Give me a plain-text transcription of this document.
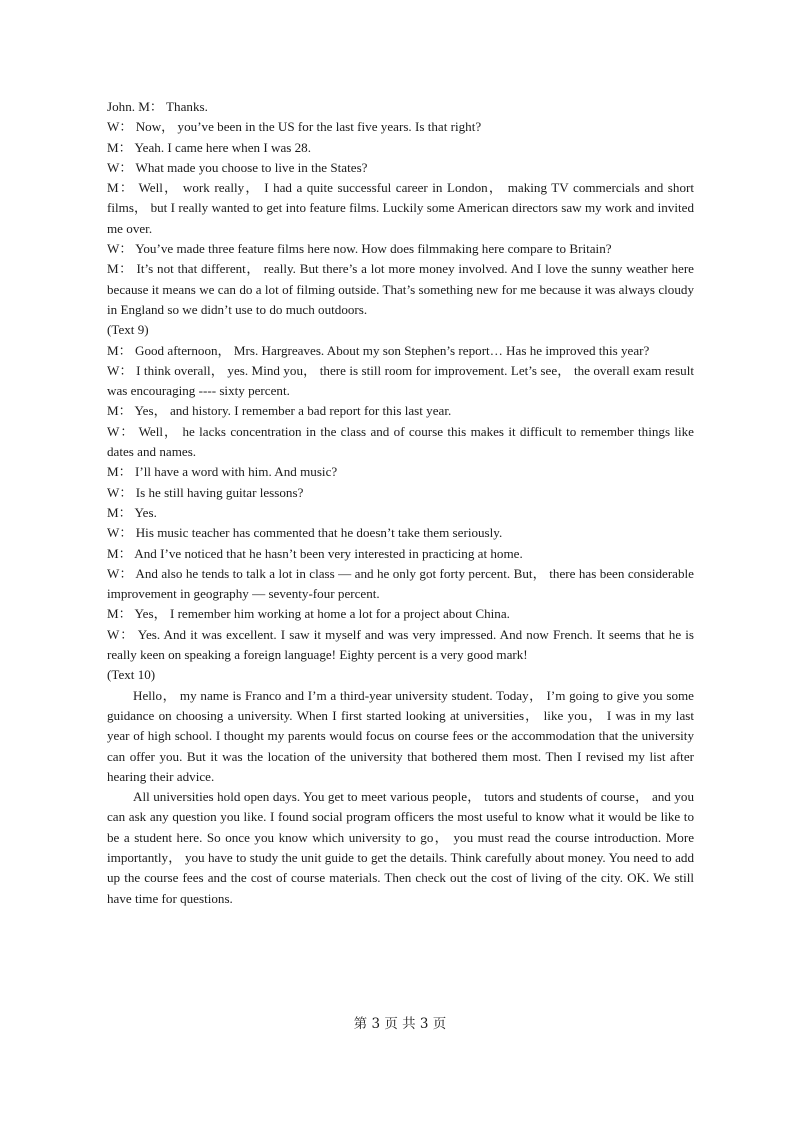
John. M： Thanks.

W： Now， you’ve been in the US for the last five years. Is that right?

M： Yeah. I came here when I was 28.

W： What made you choose to live in the States?

M： Well， work really， I had a quite successful career in London， making TV commercials and short films， but I really wanted to get into feature films. Luckily some American directors saw my work and invited me over.

W： You’ve made three feature films here now. How does filmmaking here compare to Britain?

M： It’s not that different， really. But there’s a lot more money involved. And I love the sunny weather here because it means we can do a lot of filming outside. That’s something new for me because it was always cloudy in England so we didn’t use to do much outdoors.

(Text 9)

M： Good afternoon， Mrs. Hargreaves. About my son Stephen’s report… Has he improved this year?

W： I think overall， yes. Mind you， there is still room for improvement. Let’s see， the overall exam result was encouraging ---- sixty percent.

M： Yes， and history. I remember a bad report for this last year.

W： Well， he lacks concentration in the class and of course this makes it difficult to remember things like dates and names.

M： I’ll have a word with him. And music?

W： Is he still having guitar lessons?

M： Yes.

W： His music teacher has commented that he doesn’t take them seriously.

M： And I’ve noticed that he hasn’t been very interested in practicing at home.

W： And also he tends to talk a lot in class — and he only got forty percent. But， there has been considerable improvement in geography — seventy-four percent.

M： Yes， I remember him working at home a lot for a project about China.

W： Yes. And it was excellent. I saw it myself and was very impressed. And now French. It seems that he is really keen on speaking a foreign language! Eighty percent is a very good mark!

(Text 10)

Hello， my name is Franco and I’m a third-year university student. Today， I’m going to give you some guidance on choosing a university. When I first started looking at universities， like you， I was in my last year of high school. I thought my parents would focus on course fees or the accommodation that the university can offer you. But it was the location of the university that bothered them most. Then I revised my list after hearing their advice.

All universities hold open days. You get to meet various people， tutors and students of course， and you can ask any question you like. I found social program officers the most useful to know what it would be like to be a student here. So once you know which university to go， you must read the course introduction. More importantly， you have to study the unit guide to get the details. Think carefully about money. You need to add up the course fees and the cost of course materials. Then check out the cost of living of the city. OK. We still have time for questions.

第 3 页 共 3 页
